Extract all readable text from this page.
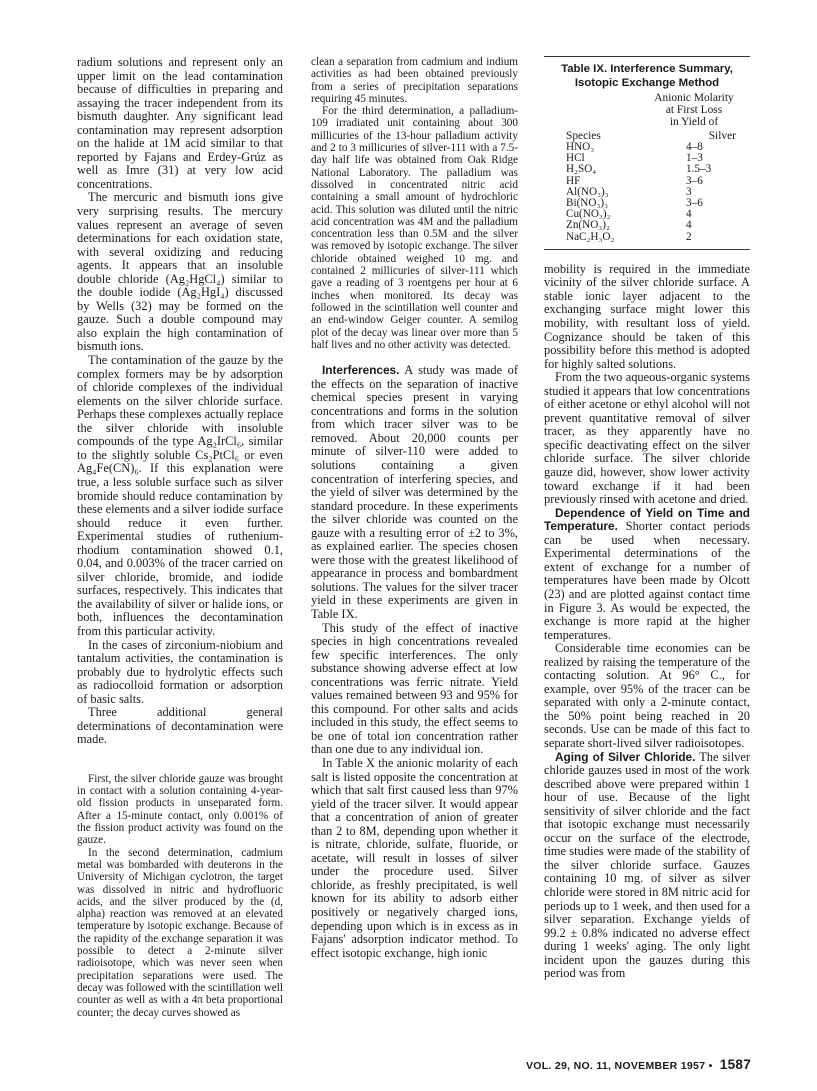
radium solutions and represent only an upper limit on the lead contamination because of difficulties in preparing and assaying the tracer independent from its bismuth daughter. Any significant lead contamination may represent adsorption on the halide at 1M acid similar to that reported by Fajans and Erdey-Grúz as well as Imre (31) at very low acid concentrations.

The mercuric and bismuth ions give very surprising results. The mercury values represent an average of seven determinations for each oxidation state, with several oxidizing and reducing agents. It appears that an insoluble double chloride (Ag₂HgCl₄) similar to the double iodide (Ag₂HgI₄) discussed by Wells (32) may be formed on the gauze. Such a double compound may also explain the high contamination of bismuth ions.

The contamination of the gauze by the complex formers may be by adsorption of chloride complexes of the individual elements on the silver chloride surface. Perhaps these complexes actually replace the silver chloride with insoluble compounds of the type Ag₂IrCl₆, similar to the slightly soluble Cs₂PtCl₆ or even Ag₄Fe(CN)₆. If this explanation were true, a less soluble surface such as silver bromide should reduce contamination by these elements and a silver iodide surface should reduce it even further. Experimental studies of ruthenium-rhodium contamination showed 0.1, 0.04, and 0.003% of the tracer carried on silver chloride, bromide, and iodide surfaces, respectively. This indicates that the availability of silver or halide ions, or both, influences the decontamination from this particular activity.

In the cases of zirconium-niobium and tantalum activities, the contamination is probably due to hydrolytic effects such as radiocolloid formation or adsorption of basic salts.

Three additional general determinations of decontamination were made.

First, the silver chloride gauze was brought in contact with a solution containing 4-year-old fission products in unseparated form. After a 15-minute contact, only 0.001% of the fission product activity was found on the gauze.

In the second determination, cadmium metal was bombarded with deuterons in the University of Michigan cyclotron, the target was dissolved in nitric and hydrofluoric acids, and the silver produced by the (d, alpha) reaction was removed at an elevated temperature by isotopic exchange. Because of the rapidity of the exchange separation it was possible to detect a 2-minute silver radioisotope, which was never seen when precipitation separations were used. The decay was followed with the scintillation well counter as well as with a 4π beta proportional counter; the decay curves showed as

clean a separation from cadmium and indium activities as had been obtained previously from a series of precipitation separations requiring 45 minutes.

For the third determination, a palladium-109 irradiated unit containing about 300 millicuries of the 13-hour palladium activity and 2 to 3 millicuries of silver-111 with a 7.5-day half life was obtained from Oak Ridge National Laboratory. The palladium was dissolved in concentrated nitric acid containing a small amount of hydrochloric acid. This solution was diluted until the nitric acid concentration was 4M and the palladium concentration less than 0.5M and the silver was removed by isotopic exchange. The silver chloride obtained weighed 10 mg. and contained 2 millicuries of silver-111 which gave a reading of 3 roentgens per hour at 6 inches when monitored. Its decay was followed in the scintillation well counter and an end-window Geiger counter. A semilog plot of the decay was linear over more than 5 half lives and no other activity was detected.

Interferences. A study was made of the effects on the separation of inactive chemical species present in varying concentrations and forms in the solution from which tracer silver was to be removed. About 20,000 counts per minute of silver-110 were added to solutions containing a given concentration of interfering species, and the yield of silver was determined by the standard procedure. In these experiments the silver chloride was counted on the gauze with a resulting error of ±2 to 3%, as explained earlier. The species chosen were those with the greatest likelihood of appearance in process and bombardment solutions. The values for the silver tracer yield in these experiments are given in Table IX.

This study of the effect of inactive species in high concentrations revealed few specific interferences. The only substance showing adverse effect at low concentrations was ferric nitrate. Yield values remained between 93 and 95% for this compound. For other salts and acids included in this study, the effect seems to be one of total ion concentration rather than one due to any individual ion.

In Table X the anionic molarity of each salt is listed opposite the concentration at which that salt first caused less than 97% yield of the tracer silver. It would appear that a concentration of anion of greater than 2 to 8M, depending upon whether it is nitrate, chloride, sulfate, fluoride, or acetate, will result in losses of silver under the procedure used. Silver chloride, as freshly precipitated, is well known for its ability to adsorb either positively or negatively charged ions, depending upon which is in excess as in Fajans' adsorption indicator method. To effect isotopic exchange, high ionic

Table IX. Interference Summary,
Isotopic Exchange Method
Anionic Molarity
at First Loss
in Yield of
Species	Silver
HNO₃	4–8
HCl	1–3
H₂SO₄	1.5–3
HF	3–6
Al(NO₃)₃	3
Bi(NO₃)₃	3–6
Cu(NO₃)₂	4
Zn(NO₃)₂	4
NaC₂H₃O₂	2

mobility is required in the immediate vicinity of the silver chloride surface. A stable ionic layer adjacent to the exchanging surface might lower this mobility, with resultant loss of yield. Cognizance should be taken of this possibility before this method is adopted for highly salted solutions.

From the two aqueous-organic systems studied it appears that low concentrations of either acetone or ethyl alcohol will not prevent quantitative removal of silver tracer, as they apparently have no specific deactivating effect on the silver chloride surface. The silver chloride gauze did, however, show lower activity toward exchange if it had been previously rinsed with acetone and dried.

Dependence of Yield on Time and Temperature. Shorter contact periods can be used when necessary. Experimental determinations of the extent of exchange for a number of temperatures have been made by Olcott (23) and are plotted against contact time in Figure 3. As would be expected, the exchange is more rapid at the higher temperatures.

Considerable time economies can be realized by raising the temperature of the contacting solution. At 96° C., for example, over 95% of the tracer can be separated with only a 2-minute contact, the 50% point being reached in 20 seconds. Use can be made of this fact to separate short-lived silver radioisotopes.

Aging of Silver Chloride. The silver chloride gauzes used in most of the work described above were prepared within 1 hour of use. Because of the light sensitivity of silver chloride and the fact that isotopic exchange must necessarily occur on the surface of the electrode, time studies were made of the stability of the silver chloride surface. Gauzes containing 10 mg. of silver as silver chloride were stored in 8M nitric acid for periods up to 1 week, and then used for a silver separation. Exchange yields of 99.2 ± 0.8% indicated no adverse effect during 1 weeks' aging. The only light incident upon the gauzes during this period was from

VOL. 29, NO. 11, NOVEMBER 1957 • 1587
